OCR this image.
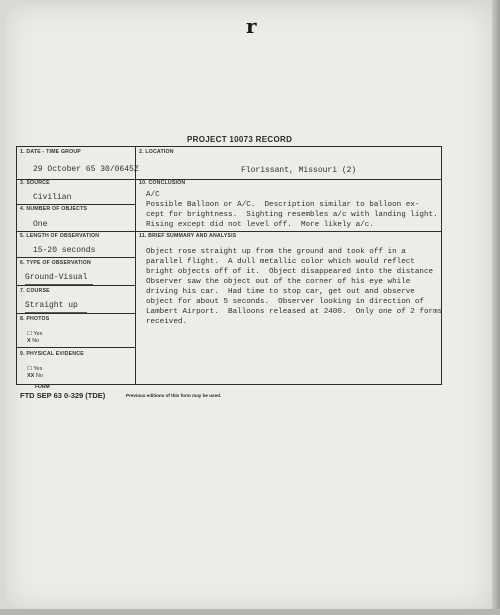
r
PROJECT 10073 RECORD
1. DATE - TIME GROUP
29 October 65 30/0645Z
2. LOCATION
Florissant, Missouri (2)
3. SOURCE
Civilian
10. CONCLUSION
A/C
Possible Balloon or A/C.  Description similar to balloon ex-
cept for brightness.  Sighting resembles a/c with landing light.
Rising except did not level off.  More likely a/c.
4. NUMBER OF OBJECTS
One
5. LENGTH OF OBSERVATION
15-20 seconds
11. BRIEF SUMMARY AND ANALYSIS
Object rose straight up from the ground and took off in a
parallel flight.  A dull metallic color which would reflect
bright objects off of it.  Object disappeared into the distance
Observer saw the object out of the corner of his eye while
driving his car.  Had time to stop car, get out and observe
object for about 5 seconds.  Observer looking in direction of
Lambert Airport.  Balloons released at 2400.  Only one of 2 forms
received.
6. TYPE OF OBSERVATION
Ground-Visual
7. COURSE
Straight up
8. PHOTOS
☐ Yes
X No
9. PHYSICAL EVIDENCE
☐ Yes
XX No
FORM
FTD SEP 63 0-329 (TDE)	Previous editions of this form may be used.
